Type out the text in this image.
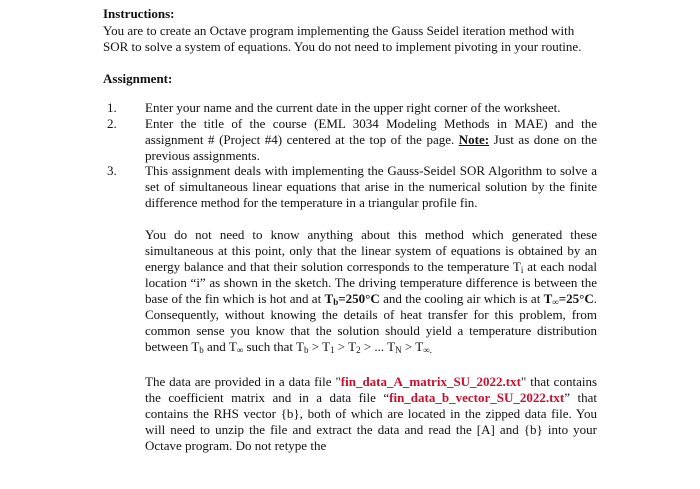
Instructions:
You are to create an Octave program implementing the Gauss Seidel iteration method with
SOR to solve a system of equations. You do not need to implement pivoting in your routine.
Assignment:
1. Enter your name and the current date in the upper right corner of the worksheet.
2. Enter the title of the course (EML 3034 Modeling Methods in MAE) and the assignment # (Project #4) centered at the top of the page. Note: Just as done on the previous assignments.
3. This assignment deals with implementing the Gauss-Seidel SOR Algorithm to solve a set of simultaneous linear equations that arise in the numerical solution by the finite difference method for the temperature in a triangular profile fin.
You do not need to know anything about this method which generated these simultaneous at this point, only that the linear system of equations is obtained by an energy balance and that their solution corresponds to the temperature $T_i$ at each nodal location “i” as shown in the sketch. The driving temperature difference is between the base of the fin which is hot and at $T_b=250^\circ C$ and the cooling air which is at $T_\infty=25^\circ C$. Consequently, without knowing the details of heat transfer for this problem, from common sense you know that the solution should yield a temperature distribution between $T_b$ and $T_\infty$ such that $T_b > T_1 > T_2$ > ... $T_N > T_{\infty.}$
The data are provided in a data file "fin_data_A_matrix_SU_2022.txt" that contains the coefficient matrix and in a data file “fin_data_b_vector_SU_2022.txt” that contains the RHS vector {b}, both of which are located in the zipped data file. You will need to unzip the file and extract the data and read the [A] and {b} into your Octave program. Do not retype the
